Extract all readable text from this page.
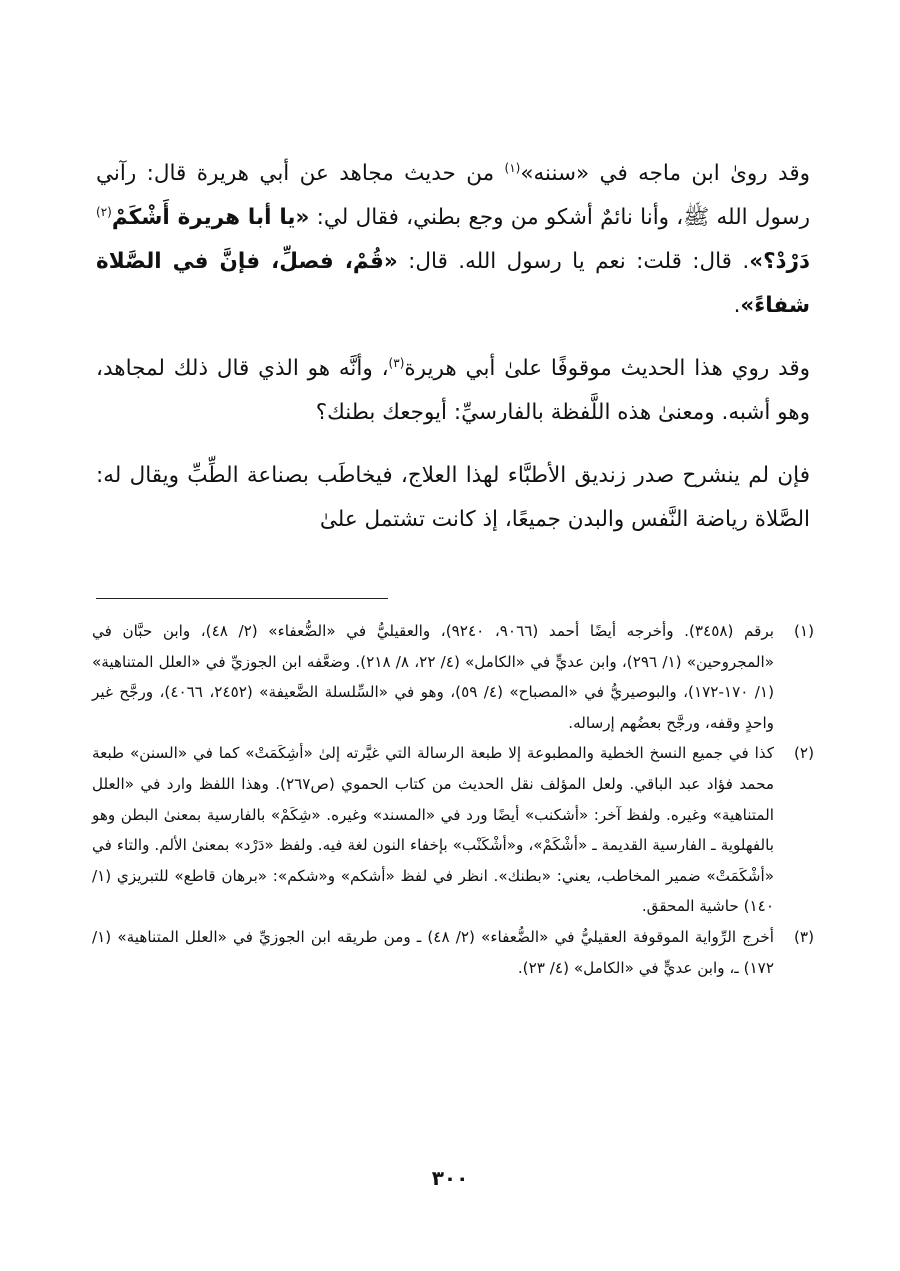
وقد روىٰ ابن ماجه في «سننه»$^{(١)}$ من حديث مجاهد عن أبي هريرة قال: رآني رسول الله ﷺ، وأنا نائمٌ أشكو من وجع بطني، فقال لي: «يا أبا هريرة أَشْكَمْ$^{(٢)}$ دَرْدْ؟». قال: قلت: نعم يا رسول الله. قال: «قُمْ، فصلِّ، فإنَّ في الصَّلاة شفاءً».

وقد روي هذا الحديث موقوفًا علىٰ أبي هريرة$^{(٣)}$، وأنَّه هو الذي قال ذلك لمجاهد، وهو أشبه. ومعنىٰ هذه اللَّفظة بالفارسيِّ: أيوجعك بطنك؟

فإن لم ينشرح صدر زنديق الأطبَّاء لهذا العلاج، فيخاطَب بصناعة الطِّبِّ ويقال له: الصَّلاة رياضة النَّفس والبدن جميعًا، إذ كانت تشتمل علىٰ

(١)
برقم (٣٤٥٨). وأخرجه أيضًا أحمد (٩٠٦٦، ٩٢٤٠)، والعقيليُّ في «الضُّعفاء» (٢/ ٤٨)، وابن حبَّان في «المجروحين» (١/ ٢٩٦)، وابن عديٍّ في «الكامل» (٤/ ٢٢، ٨/ ٢١٨). وضعَّفه ابن الجوزيِّ في «العلل المتناهية» (١/ ١٧٠-١٧٢)، والبوصيريُّ في «المصباح» (٤/ ٥٩)، وهو في «السِّلسلة الضَّعيفة» (٢٤٥٢، ٤٠٦٦)، ورجَّح غير واحدٍ وقفه، ورجَّح بعضُهم إرساله.
(٢)
كذا في جميع النسخ الخطية والمطبوعة إلا طبعة الرسالة التي غيَّرته إلىٰ «أشِكَمَتْ» كما في «السنن» طبعة محمد فؤاد عبد الباقي. ولعل المؤلف نقل الحديث من كتاب الحموي (ص٢٦٧). وهذا اللفظ وارد في «العلل المتناهية» وغيره. ولفظ آخر: «أشكنب» أيضًا ورد في «المسند» وغيره. «شِكَمْ» بالفارسية بمعنىٰ البطن وهو بالفهلوية ـ الفارسية القديمة ـ «أشْكَمْ»، و«أشْكَنْب» بإخفاء النون لغة فيه. ولفظ «دَرْد» بمعنىٰ الألم. والتاء في «أشْكَمَتْ» ضمير المخاطب، يعني: «بطنك». انظر في لفظ «أشكم» و«شكم»: «برهان قاطع» للتبريزي (١/ ١٤٠) حاشية المحقق.
(٣)
أخرج الرِّواية الموقوفة العقيليُّ في «الضُّعفاء» (٢/ ٤٨) ـ ومن طريقه ابن الجوزيِّ في «العلل المتناهية» (١/ ١٧٢) ـ، وابن عديٍّ في «الكامل» (٤/ ٢٣).
٣٠٠
